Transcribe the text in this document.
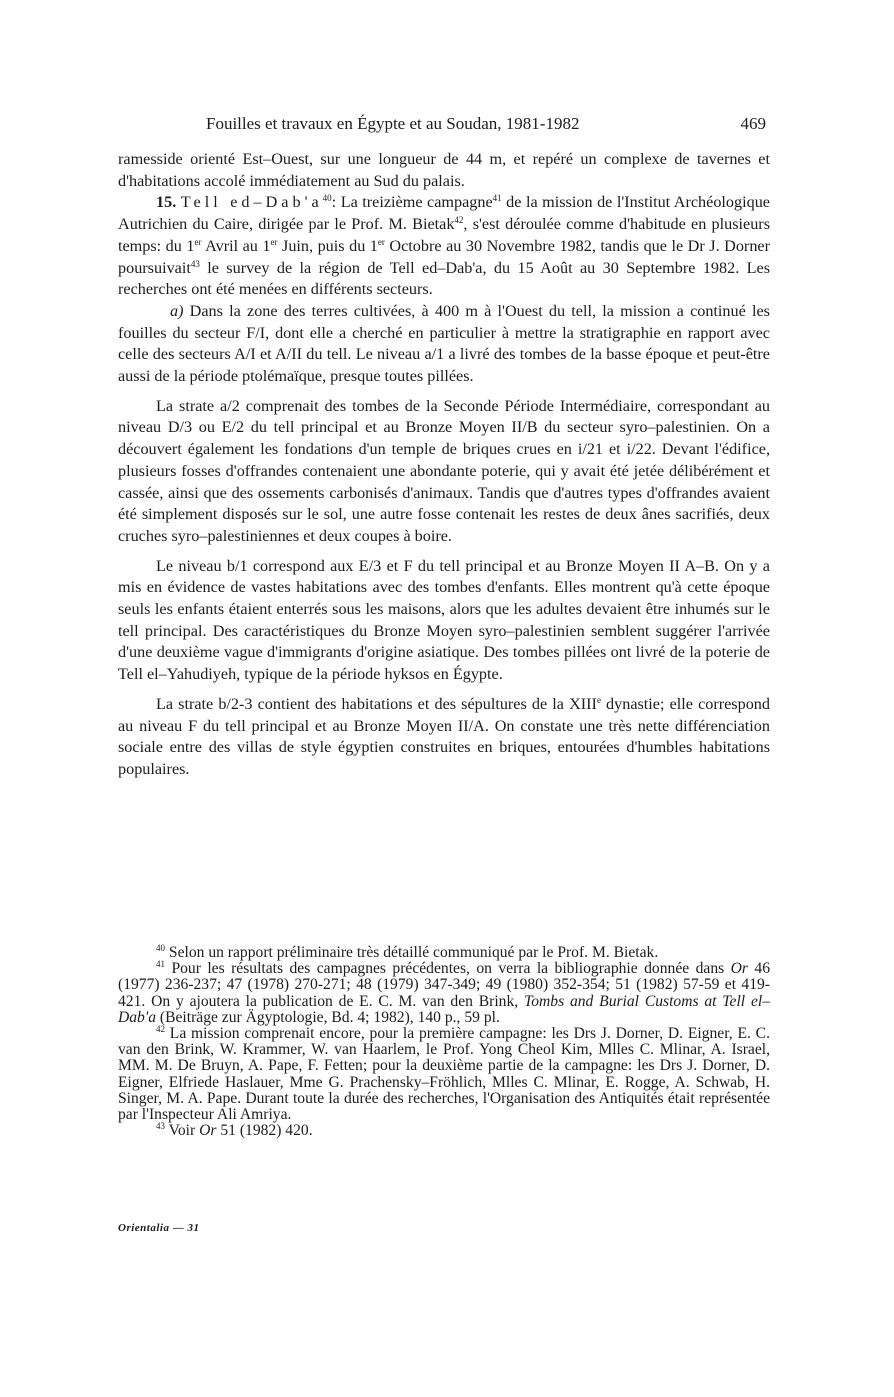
Fouilles et travaux en Égypte et au Soudan, 1981-1982	469

ramesside orienté Est–Ouest, sur une longueur de 44 m, et repéré un complexe de tavernes et d'habitations accolé immédiatement au Sud du palais.

15. Tell $ed-Dab'a^{40}$: La treizième campagne$^{41}$ de la mission de l'Institut Archéologique Autrichien du Caire, dirigée par le Prof. M. Bietak$^{42}$, s'est déroulée comme d'habitude en plusieurs temps: du 1er Avril au 1er Juin, puis du 1er Octobre au 30 Novembre 1982, tandis que le Dr J. Dorner poursuivait$^{43}$ le survey de la région de Tell ed–Dab'a, du 15 Août au 30 Septembre 1982. Les recherches ont été menées en différents secteurs.

a) Dans la zone des terres cultivées, à 400 m à l'Ouest du tell, la mission a continué les fouilles du secteur F/I, dont elle a cherché en particulier à mettre la stratigraphie en rapport avec celle des secteurs A/I et A/II du tell. Le niveau a/1 a livré des tombes de la basse époque et peut-être aussi de la période ptolémaïque, presque toutes pillées.

La strate a/2 comprenait des tombes de la Seconde Période Intermédiaire, correspondant au niveau D/3 ou E/2 du tell principal et au Bronze Moyen II/B du secteur syro–palestinien. On a découvert également les fondations d'un temple de briques crues en i/21 et i/22. Devant l'édifice, plusieurs fosses d'offrandes contenaient une abondante poterie, qui y avait été jetée délibérément et cassée, ainsi que des ossements carbonisés d'animaux. Tandis que d'autres types d'offrandes avaient été simplement disposés sur le sol, une autre fosse contenait les restes de deux ânes sacrifiés, deux cruches syro–palestiniennes et deux coupes à boire.

Le niveau b/1 correspond aux E/3 et F du tell principal et au Bronze Moyen II A–B. On y a mis en évidence de vastes habitations avec des tombes d'enfants. Elles montrent qu'à cette époque seuls les enfants étaient enterrés sous les maisons, alors que les adultes devaient être inhumés sur le tell principal. Des caractéristiques du Bronze Moyen syro–palestinien semblent suggérer l'arrivée d'une deuxième vague d'immigrants d'origine asiatique. Des tombes pillées ont livré de la poterie de Tell el–Yahudiyeh, typique de la période hyksos en Égypte.

La strate b/2-3 contient des habitations et des sépultures de la XIIIe dynastie; elle correspond au niveau F du tell principal et au Bronze Moyen II/A. On constate une très nette différenciation sociale entre des villas de style égyptien construites en briques, entourées d'humbles habitations populaires.

$^{40}$ Selon un rapport préliminaire très détaillé communiqué par le Prof. M. Bietak.

$^{41}$ Pour les résultats des campagnes précédentes, on verra la bibliographie donnée dans Or 46 (1977) 236-237; 47 (1978) 270-271; 48 (1979) 347-349; 49 (1980) 352-354; 51 (1982) 57-59 et 419-421. On y ajoutera la publication de E. C. M. van den Brink, Tombs and Burial Customs at Tell el–Dab'a (Beiträge zur Ägyptologie, Bd. 4; 1982), 140 p., 59 pl.

$^{42}$ La mission comprenait encore, pour la première campagne: les Drs J. Dorner, D. Eigner, E. C. van den Brink, W. Krammer, W. van Haarlem, le Prof. Yong Cheol Kim, Mlles C. Mlinar, A. Israel, MM. M. De Bruyn, A. Pape, F. Fetten; pour la deuxième partie de la campagne: les Drs J. Dorner, D. Eigner, Elfriede Haslauer, Mme G. Prachensky–Fröhlich, Mlles C. Mlinar, E. Rogge, A. Schwab, H. Singer, M. A. Pape. Durant toute la durée des recherches, l'Organisation des Antiquités était représentée par l'Inspecteur Ali Amriya.

$^{43}$ Voir Or 51 (1982) 420.

Orientalia — 31
